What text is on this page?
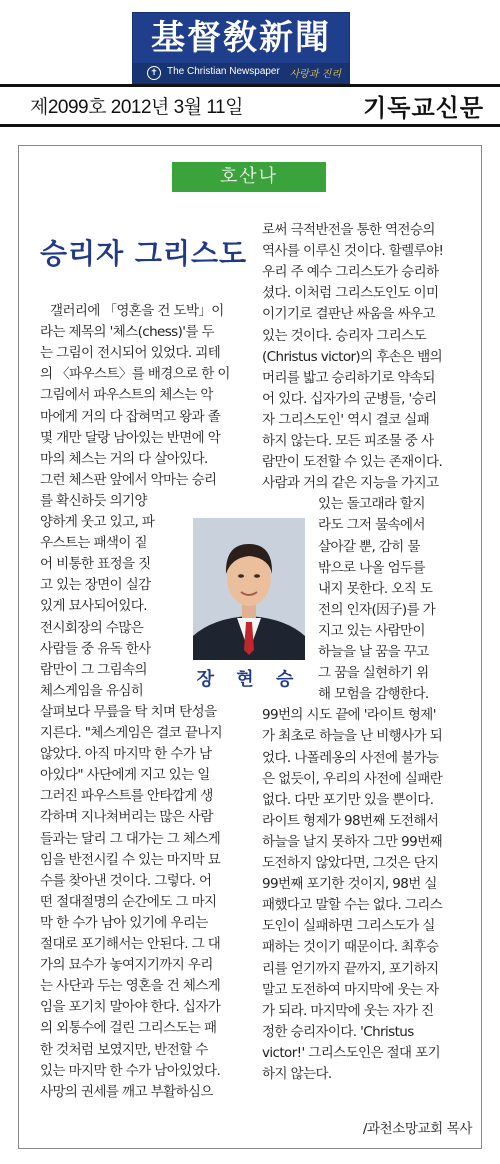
基督敎新聞
✝ The Christian Newspaper 사랑과 진리
제2099호 2012년 3월 11일	기독교신문
호산나
승리자 그리스도
갤러리에 「영혼을 건 도박」이
라는 제목의 '체스(chess)'를 두
는 그림이 전시되어 있었다. 괴테
의 〈파우스트〉를 배경으로 한 이
그림에서 파우스트의 체스는 악
마에게 거의 다 잡혀먹고 왕과 졸
몇 개만 달랑 남아있는 반면에 악
마의 체스는 거의 다 살아있다.
그런 체스판 앞에서 악마는 승리
를 확신하듯 의기양
양하게 웃고 있고, 파
우스트는 패색이 짙
어 비통한 표정을 짓
고 있는 장면이 실감
있게 묘사되어있다.
전시회장의 수많은
사람들 중 유독 한사
람만이 그 그림속의
체스게임을 유심히
살펴보다 무릎을 탁 치며 탄성을
지른다. "체스게임은 결코 끝나지
않았다. 아직 마지막 한 수가 남
아있다" 사단에게 지고 있는 일
그러진 파우스트를 안타깝게 생
각하며 지나쳐버리는 많은 사람
들과는 달리 그 대가는 그 체스게
임을 반전시킬 수 있는 마지막 묘
수를 찾아낸 것이다. 그렇다. 어
떤 절대절명의 순간에도 그 마지
막 한 수가 남아 있기에 우리는
절대로 포기해서는 안된다. 그 대
가의 묘수가 놓여지기까지 우리
는 사단과 두는 영혼을 건 체스게
임을 포기치 말아야 한다. 십자가
의 외통수에 걸린 그리스도는 패
한 것처럼 보였지만, 반전할 수
있는 마지막 한 수가 남아있었다.
사망의 권세를 깨고 부활하심으
로써 극적반전을 통한 역전승의
역사를 이루신 것이다. 할렐루야!
우리 주 예수 그리스도가 승리하
셨다. 이처럼 그리스도인도 이미
이기기로 결판난 싸움을 싸우고
있는 것이다. 승리자 그리스도
(Christus victor)의 후손은 뱀의
머리를 밟고 승리하기로 약속되
어 있다. 십자가의 군병들, '승리
자 그리스도인' 역시 결코 실패
하지 않는다. 모든 피조물 중 사
람만이 도전할 수 있는 존재이다.
사람과 거의 같은 지능을 가지고
있는 돌고래라 할지
라도 그저 물속에서
살아갈 뿐, 감히 물
밖으로 나올 엄두를
내지 못한다. 오직 도
전의 인자(因子)를 가
지고 있는 사람만이
하늘을 날 꿈을 꾸고
그 꿈을 실현하기 위
해 모험을 감행한다.
99번의 시도 끝에 '라이트 형제'
가 최초로 하늘을 난 비행사가 되
었다. 나폴레옹의 사전에 불가능
은 없듯이, 우리의 사전에 실패란
없다. 다만 포기만 있을 뿐이다.
라이트 형제가 98번째 도전해서
하늘을 날지 못하자 그만 99번째
도전하지 않았다면, 그것은 단지
99번째 포기한 것이지, 98번 실
패했다고 말할 수는 없다. 그리스
도인이 실패하면 그리스도가 실
패하는 것이기 때문이다. 최후승
리를 얻기까지 끝까지, 포기하지
말고 도전하여 마지막에 웃는 자
가 되라. 마지막에 웃는 자가 진
정한 승리자이다. 'Christus
victor!' 그리스도인은 절대 포기
하지 않는다.
장 현 승
/과천소망교회 목사
